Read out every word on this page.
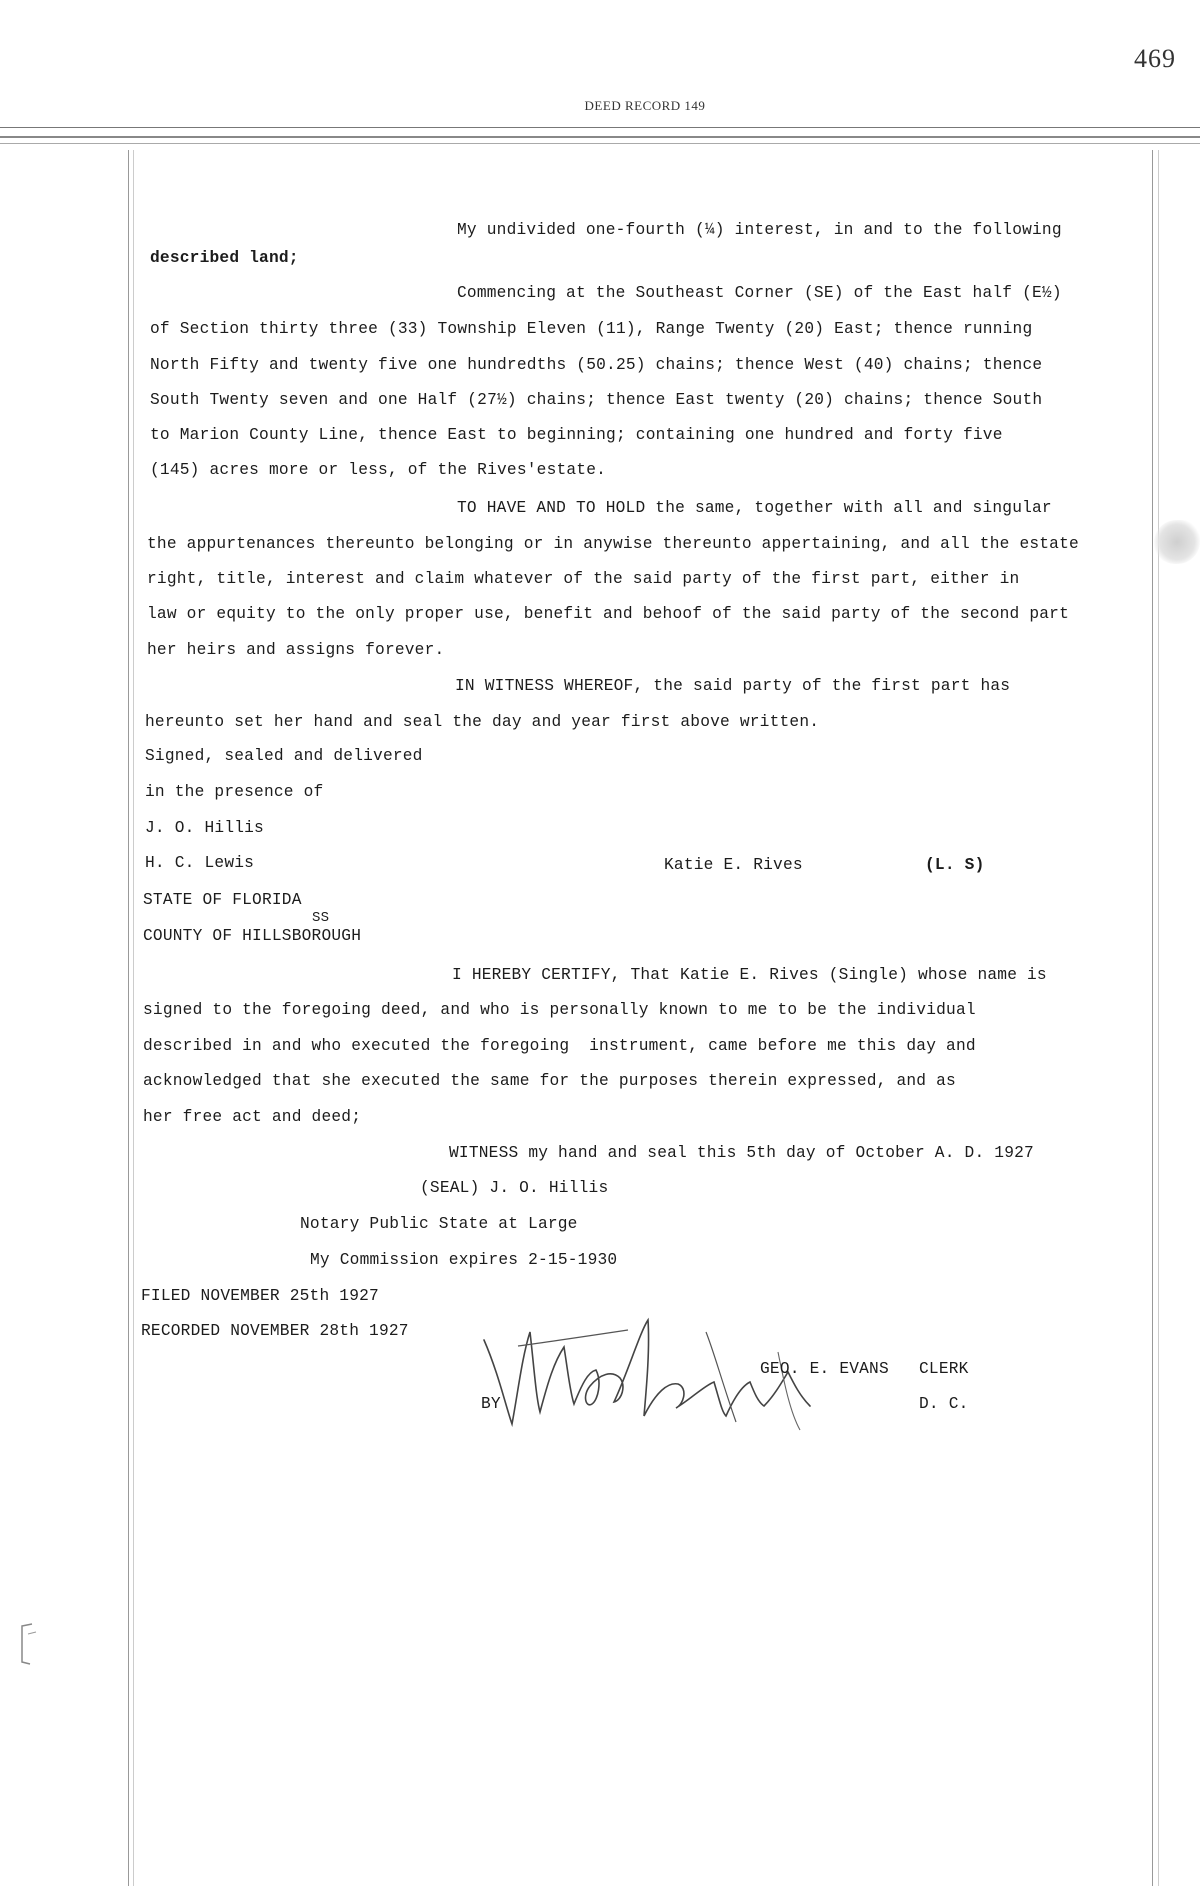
469
DEED RECORD 149
My undivided one-fourth (¼) interest, in and to the following
described land;
Commencing at the Southeast Corner (SE) of the East half (E½)
of Section thirty three (33) Township Eleven (11), Range Twenty (20) East; thence running
North Fifty and twenty five one hundredths (50.25) chains; thence West (40) chains; thence
South Twenty seven and one Half (27½) chains; thence East twenty (20) chains; thence South
to Marion County Line, thence East to beginning; containing one hundred and forty five
(145) acres more or less, of the Rives'estate.
TO HAVE AND TO HOLD the same, together with all and singular
the appurtenances thereunto belonging or in anywise thereunto appertaining, and all the estate
right, title, interest and claim whatever of the said party of the first part, either in
law or equity to the only proper use, benefit and behoof of the said party of the second part
her heirs and assigns forever.
IN WITNESS WHEREOF, the said party of the first part has
hereunto set her hand and seal the day and year first above written.
Signed, sealed and delivered
in the presence of
J. O. Hillis
H. C. Lewis	Katie E. Rives	(L. S)
STATE OF FLORIDA
SS
COUNTY OF HILLSBOROUGH
I HEREBY CERTIFY, That Katie E. Rives (Single) whose name is
signed to the foregoing deed, and who is personally known to me to be the individual
described in and who executed the foregoing  instrument, came before me this day and
acknowledged that she executed the same for the purposes therein expressed, and as
her free act and deed;
WITNESS my hand and seal this 5th day of October A. D. 1927
(SEAL) J. O. Hillis
Notary Public State at Large
My Commission expires 2-15-1930
FILED NOVEMBER 25th 1927
RECORDED NOVEMBER 28th 1927
GEO. E. EVANS CLERK
BY	D. C.
